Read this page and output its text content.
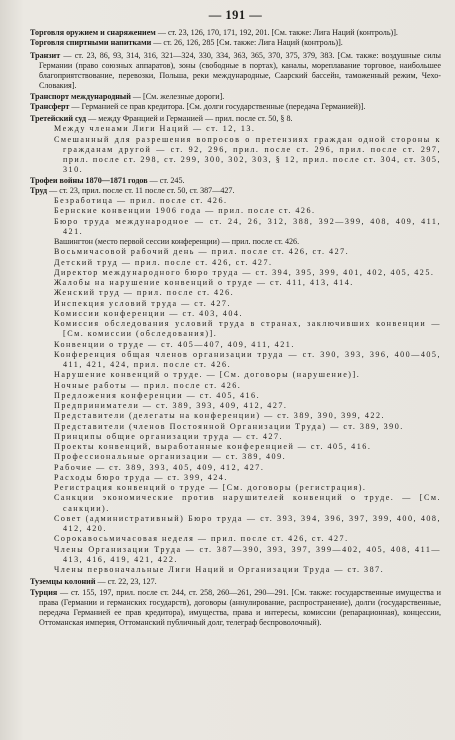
— 191 —

Торговля оружием и снаряжением — ст. 23, 126, 170, 171, 192, 201. [См. также: Лига Наций (контроль)].

Торговля спиртными напитками — ст. 26, 126, 285 [См. также: Лига Наций (контроль)].

Транзит — ст. 23, 86, 93, 314, 316, 321—324, 330, 334, 363, 365, 370, 375, 379, 383. [См. также: воздушные силы Германии (право союзных аппаратов), зоны (свободные в портах), каналы, мореплавание торговое, наибольшее благоприятствование, перевозки, Польша, реки международные, Саарский бассейн, таможенный режим, Чехо-Словакия].

Транспорт международный — [См. железные дороги].

Трансферт — Германией се прав кредитора. [См. долги государственные (передача Германией)].

Третейский суд — между Францией и Германией — прил. после ст. 50, § 8.

Между членами Лиги Наций — ст. 12, 13.

Смешанный для разрешения вопросов о претензиях граждан одной стороны к гражданам другой — ст. 92, 296, прил. после ст. 296, прил. после ст. 297, прил. после ст. 298, ст. 299, 300, 302, 303, § 12, прил. после ст. 304, ст. 305, 310.

Трофеи войны 1870—1871 годов — ст. 245.

Труд — ст. 23, прил. после ст. 11 после ст. 50, ст. 387—427.

Безработица — прил. после ст. 426.

Бернские конвенции 1906 года — прил. после ст. 426.

Бюро труда международное — ст. 24, 26, 312, 388, 392—399, 408, 409, 411, 421.

Вашингтон (место первой сессии конференции) — прил. после ст. 426.

Восьмичасовой рабочий день — прил. после ст. 426, ст. 427.

Детский труд — прил. после ст. 426, ст. 427.

Директор международного бюро труда — ст. 394, 395, 399, 401, 402, 405, 425.

Жалобы на нарушение конвенций о труде — ст. 411, 413, 414.

Женский труд — прил. после ст. 426.

Инспекция условий труда — ст. 427.

Комиссии конференции — ст. 403, 404.

Комиссия обследования условий труда в странах, заключивших конвенции — [См. комиссии (обследования)].

Конвенции о труде — ст. 405—407, 409, 411, 421.

Конференция общая членов организации труда — ст. 390, 393, 396, 400—405, 411, 421, 424, прил. после ст. 426.

Нарушение конвенций о труде. — [См. договоры (нарушение)].

Ночные работы — прил. после ст. 426.

Предложения конференции — ст. 405, 416.

Предприниматели — ст. 389, 393, 409, 412, 427.

Представители (делегаты на конференции) — ст. 389, 390, 399, 422.

Представители (членов Постоянной Организации Труда) — ст. 389, 390.

Принципы общие организации труда — ст. 427.

Проекты конвенций, выработанные конференцией — ст. 405, 416.

Профессиональные организации — ст. 389, 409.

Рабочие — ст. 389, 393, 405, 409, 412, 427.

Расходы бюро труда — ст. 399, 424.

Регистрация конвенций о труде — [См. договоры (регистрация).

Санкции экономические против нарушителей конвенций о труде. — [См. санкции).

Совет (административный) Бюро труда — ст. 393, 394, 396, 397, 399, 400, 408, 412, 420.

Сорокавосьмичасовая неделя — прил. после ст. 426, ст. 427.

Члены Организации Труда — ст. 387—390, 393, 397, 399—402, 405, 408, 411—413, 416, 419, 421, 422.

Члены первоначальные Лиги Наций и Организации Труда — ст. 387.

Туземцы колоний — ст. 22, 23, 127.

Турция — ст. 155, 197, прил. после ст. 244, ст. 258, 260—261, 290—291. [См. также: государственные имущества и права (Германии и германских государств), договоры (аннулирование, распространение), долги (государственные, передача Германией ее прав кредитора), имущества, права и интересы, комиссии (репарационная), концессии, Оттоманская империя, Оттоманский публичный долг, телеграф беспроволочный).
